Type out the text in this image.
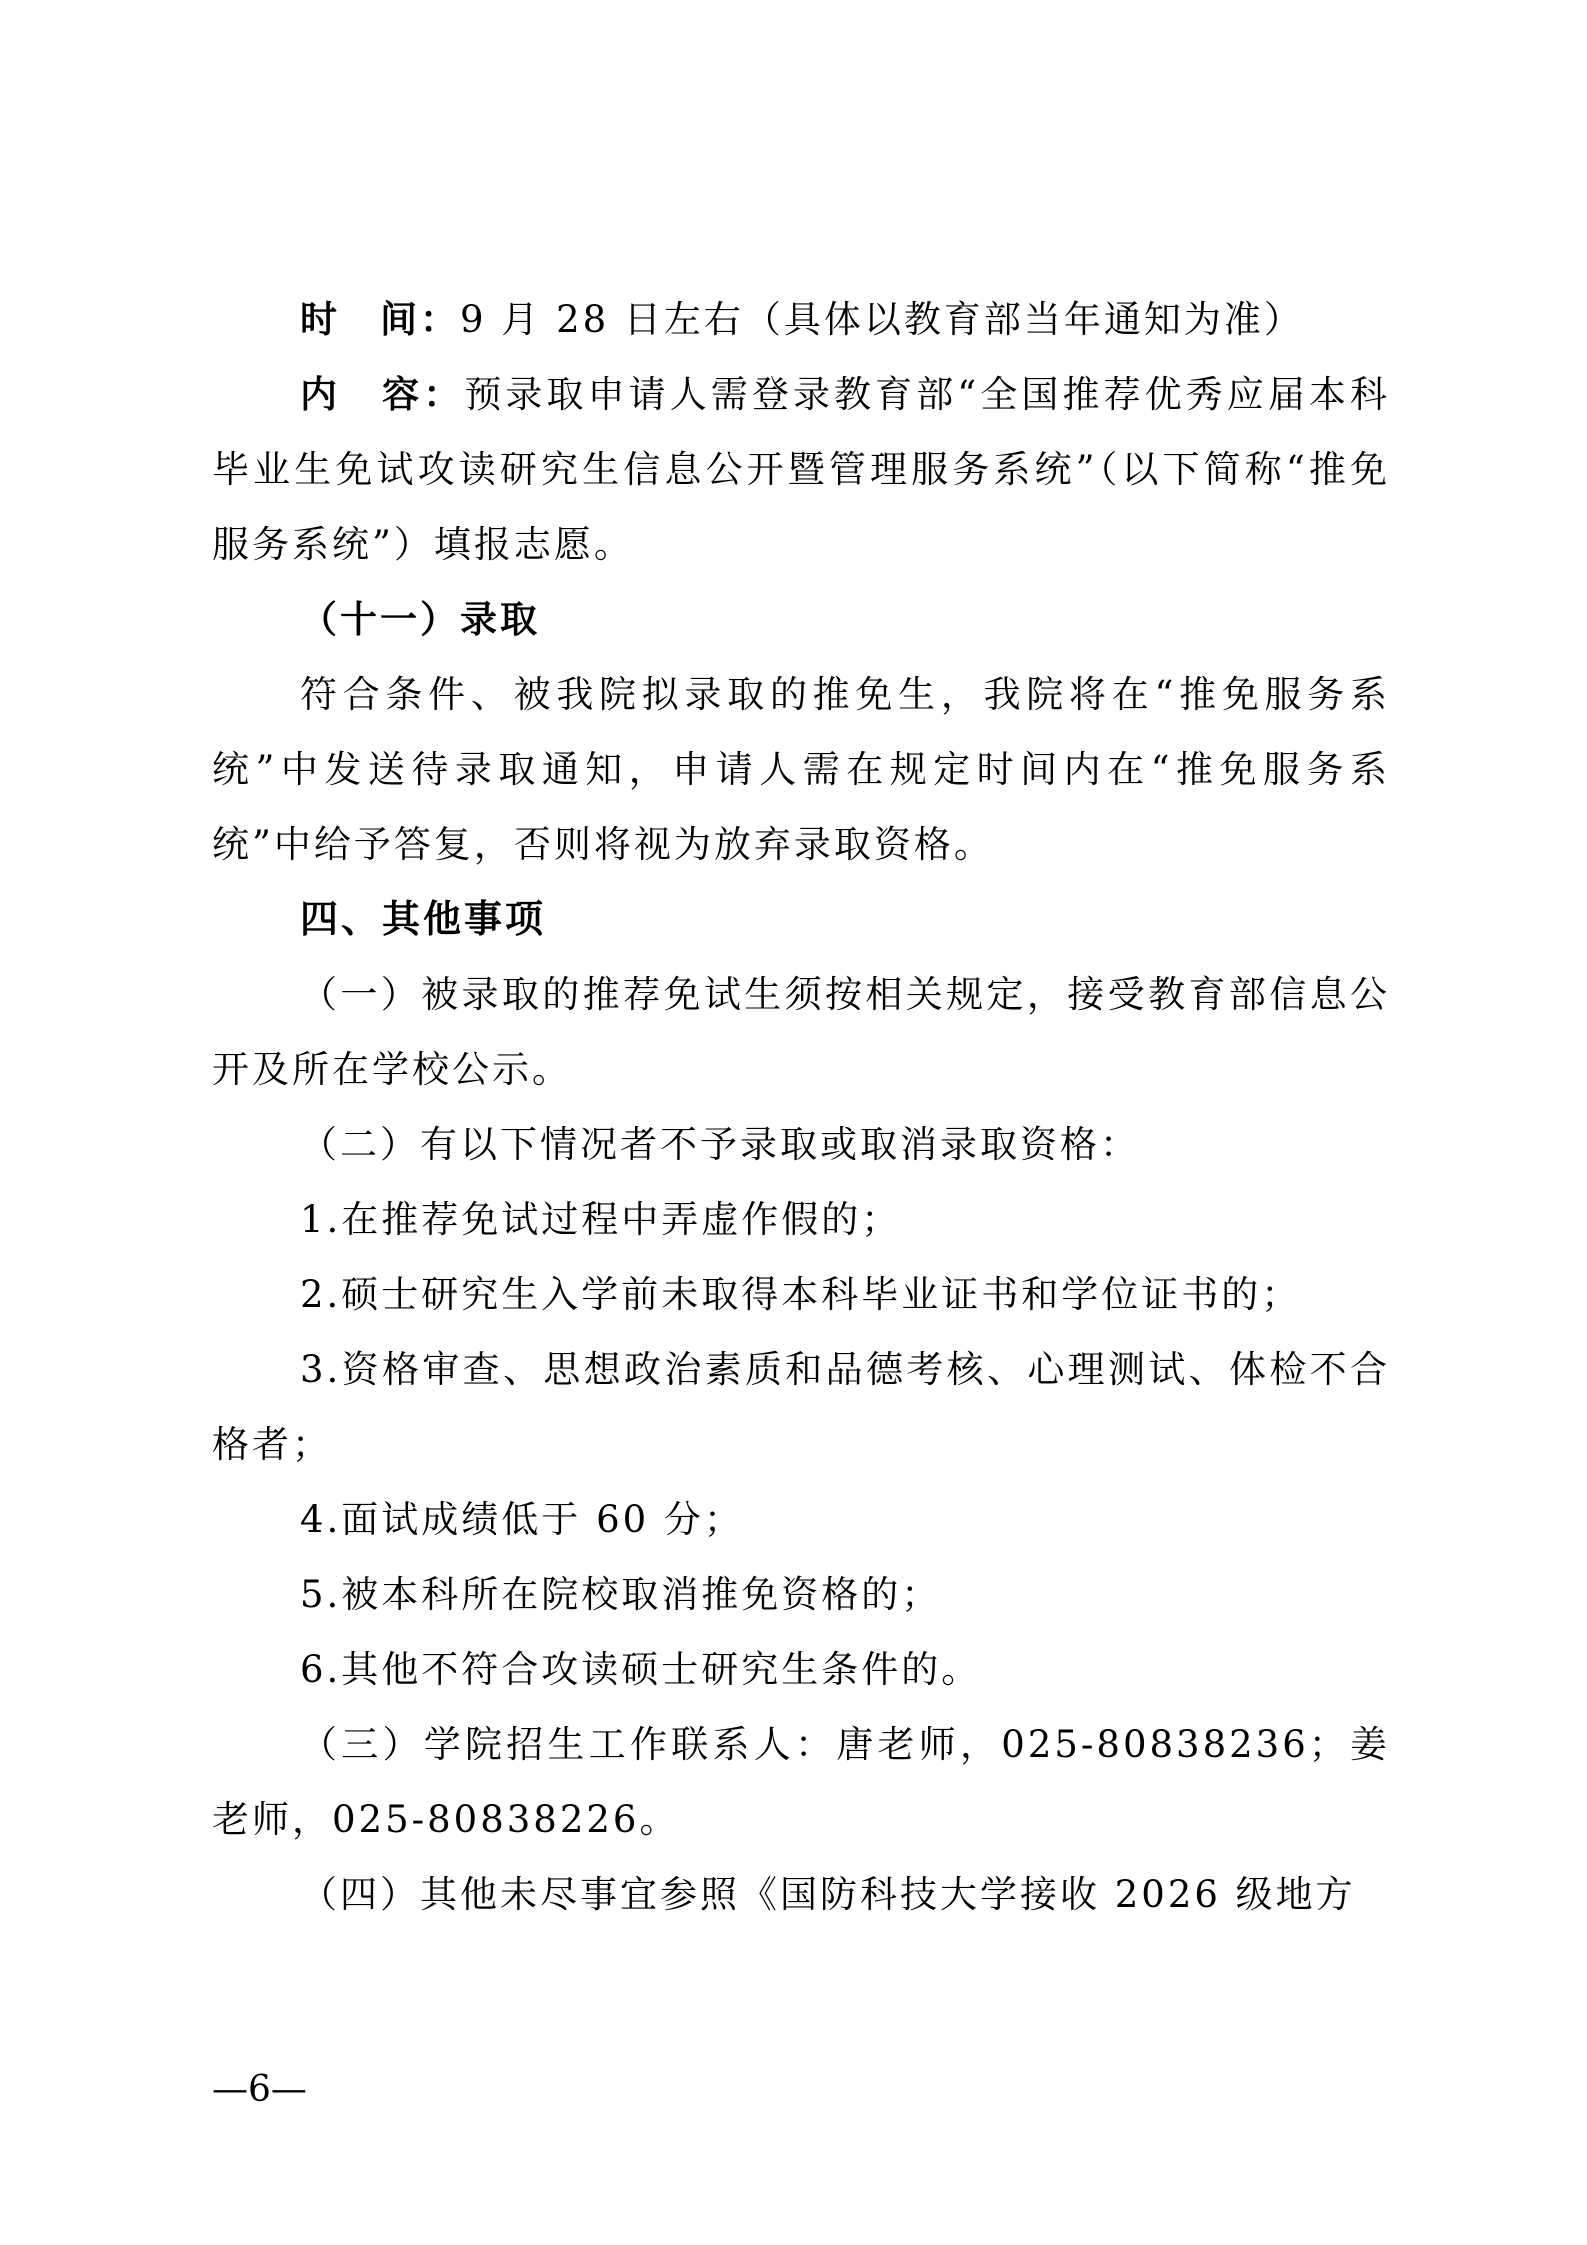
时　间：9 月 28 日左右（具体以教育部当年通知为准）

内　容：预录取申请人需登录教育部“全国推荐优秀应届本科毕业生免试攻读研究生信息公开暨管理服务系统”（以下简称“推免服务系统”）填报志愿。

（十一）录取

符合条件、被我院拟录取的推免生，我院将在“推免服务系统”中发送待录取通知，申请人需在规定时间内在“推免服务系统”中给予答复，否则将视为放弃录取资格。

四、其他事项

（一）被录取的推荐免试生须按相关规定，接受教育部信息公开及所在学校公示。

（二）有以下情况者不予录取或取消录取资格：

1.在推荐免试过程中弄虚作假的；

2.硕士研究生入学前未取得本科毕业证书和学位证书的；

3.资格审查、思想政治素质和品德考核、心理测试、体检不合格者；

4.面试成绩低于 60 分；

5.被本科所在院校取消推免资格的；

6.其他不符合攻读硕士研究生条件的。

（三）学院招生工作联系人：唐老师，025-80838236；姜老师，025-80838226。

（四）其他未尽事宜参照《国防科技大学接收 2026 级地方

—6—
